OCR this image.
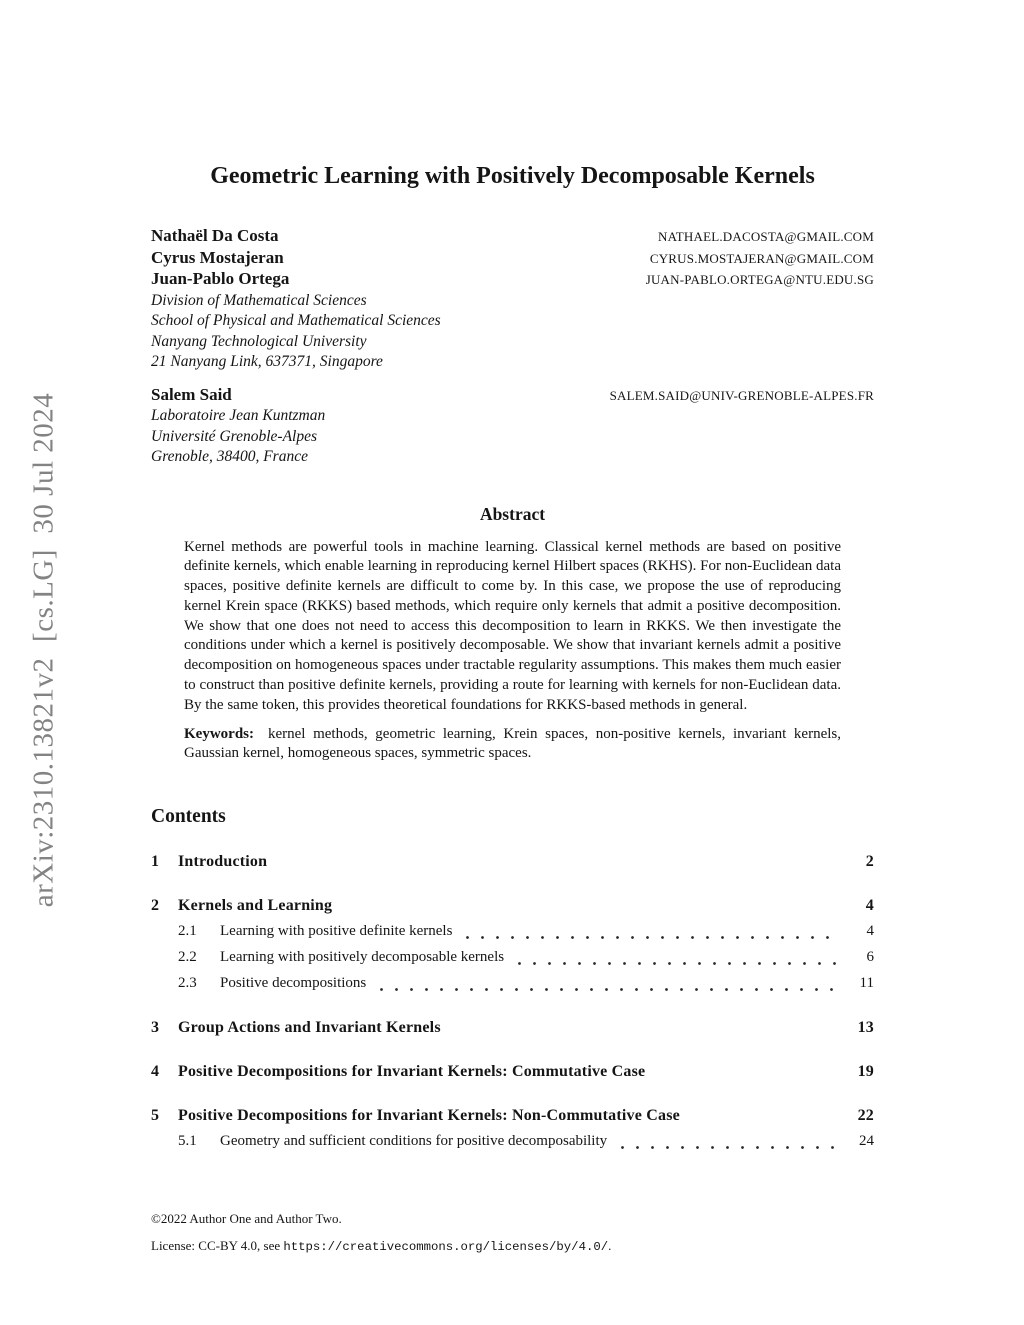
arXiv:2310.13821v2  [cs.LG]  30 Jul 2024
Geometric Learning with Positively Decomposable Kernels
Nathaël Da Costa	NATHAEL.DACOSTA@GMAIL.COM
Cyrus Mostajeran	CYRUS.MOSTAJERAN@GMAIL.COM
Juan-Pablo Ortega	JUAN-PABLO.ORTEGA@NTU.EDU.SG
Division of Mathematical Sciences
School of Physical and Mathematical Sciences
Nanyang Technological University
21 Nanyang Link, 637371, Singapore
Salem Said	SALEM.SAID@UNIV-GRENOBLE-ALPES.FR
Laboratoire Jean Kuntzman
Université Grenoble-Alpes
Grenoble, 38400, France
Abstract

Kernel methods are powerful tools in machine learning. Classical kernel methods are based on positive definite kernels, which enable learning in reproducing kernel Hilbert spaces (RKHS). For non-Euclidean data spaces, positive definite kernels are difficult to come by. In this case, we propose the use of reproducing kernel Krein space (RKKS) based methods, which require only kernels that admit a positive decomposition. We show that one does not need to access this decomposition to learn in RKKS. We then investigate the conditions under which a kernel is positively decomposable. We show that invariant kernels admit a positive decomposition on homogeneous spaces under tractable regularity assumptions. This makes them much easier to construct than positive definite kernels, providing a route for learning with kernels for non-Euclidean data. By the same token, this provides theoretical foundations for RKKS-based methods in general.

Keywords: kernel methods, geometric learning, Krein spaces, non-positive kernels, invariant kernels, Gaussian kernel, homogeneous spaces, symmetric spaces.

Contents
1	Introduction	2
2	Kernels and Learning	4
2.1	Learning with positive definite kernels	4
2.2	Learning with positively decomposable kernels	6
2.3	Positive decompositions	11
3	Group Actions and Invariant Kernels	13
4	Positive Decompositions for Invariant Kernels: Commutative Case	19
5	Positive Decompositions for Invariant Kernels: Non-Commutative Case	22
5.1	Geometry and sufficient conditions for positive decomposability	24
©2022 Author One and Author Two.
License: CC-BY 4.0, see https://creativecommons.org/licenses/by/4.0/.
